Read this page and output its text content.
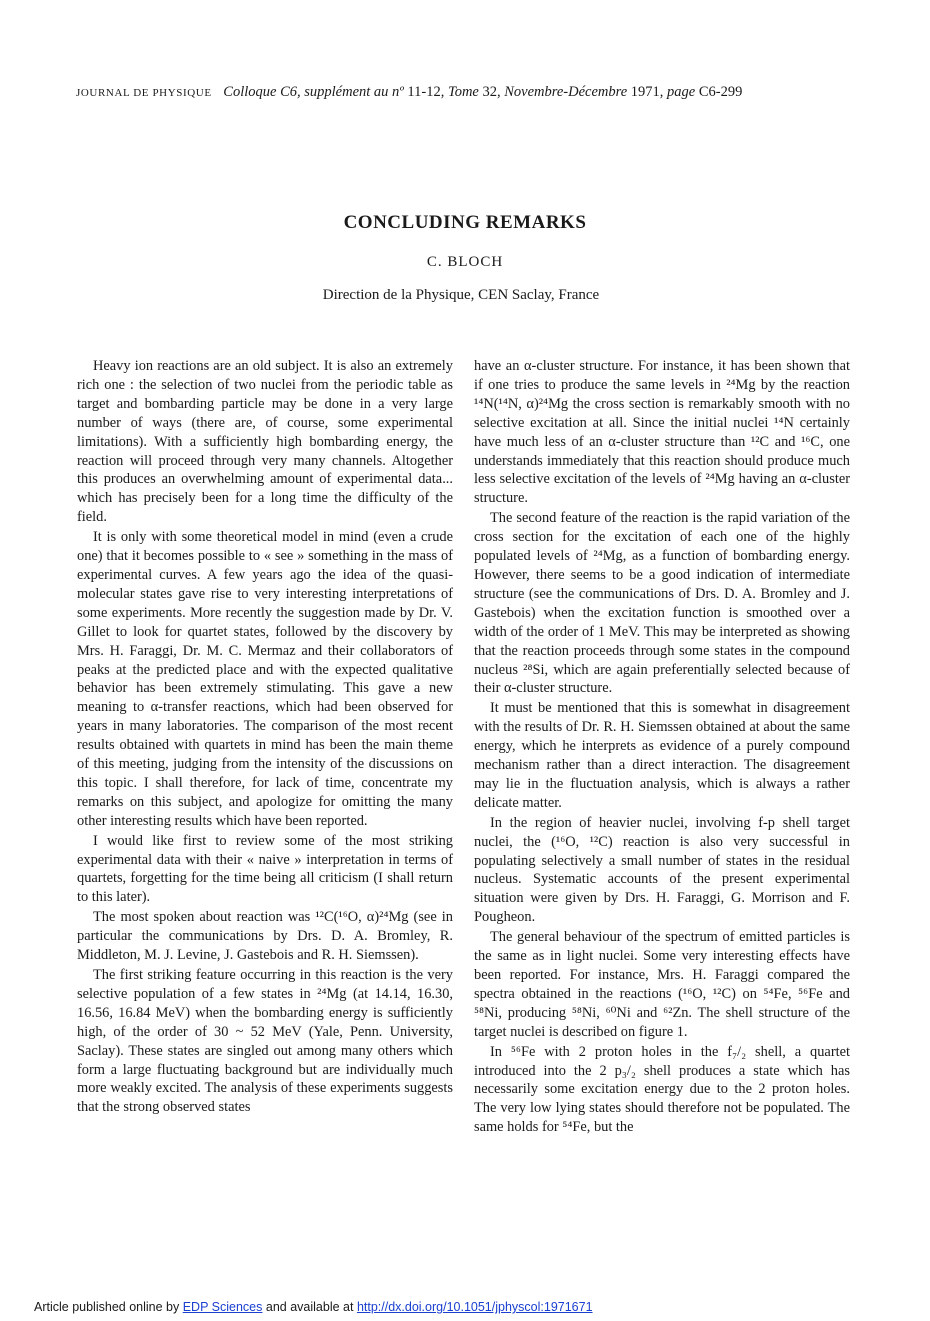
JOURNAL DE PHYSIQUE Colloque C6, supplément au nº 11-12, Tome 32, Novembre-Décembre 1971, page C6-299
CONCLUDING REMARKS
C. BLOCH
Direction de la Physique, CEN Saclay, France

Heavy ion reactions are an old subject. It is also an extremely rich one : the selection of two nuclei from the periodic table as target and bombarding particle may be done in a very large number of ways (there are, of course, some experimental limitations). With a sufficiently high bombarding energy, the reaction will proceed through very many channels. Altogether this produces an overwhelming amount of experimental data... which has precisely been for a long time the difficulty of the field.

It is only with some theoretical model in mind (even a crude one) that it becomes possible to « see » something in the mass of experimental curves. A few years ago the idea of the quasi-molecular states gave rise to very interesting interpretations of some experiments. More recently the suggestion made by Dr. V. Gillet to look for quartet states, followed by the discovery by Mrs. H. Faraggi, Dr. M. C. Mermaz and their collaborators of peaks at the predicted place and with the expected qualitative behavior has been extremely stimulating. This gave a new meaning to α-transfer reactions, which had been observed for years in many laboratories. The comparison of the most recent results obtained with quartets in mind has been the main theme of this meeting, judging from the intensity of the discussions on this topic. I shall therefore, for lack of time, concentrate my remarks on this subject, and apologize for omitting the many other interesting results which have been reported.

I would like first to review some of the most striking experimental data with their « naive » interpretation in terms of quartets, forgetting for the time being all criticism (I shall return to this later).

The most spoken about reaction was ¹²C(¹⁶O, α)²⁴Mg (see in particular the communications by Drs. D. A. Bromley, R. Middleton, M. J. Levine, J. Gastebois and R. H. Siemssen).

The first striking feature occurring in this reaction is the very selective population of a few states in ²⁴Mg (at 14.14, 16.30, 16.56, 16.84 MeV) when the bombarding energy is sufficiently high, of the order of 30 ~ 52 MeV (Yale, Penn. University, Saclay). These states are singled out among many others which form a large fluctuating background but are individually much more weakly excited. The analysis of these experiments suggests that the strong observed states

have an α-cluster structure. For instance, it has been shown that if one tries to produce the same levels in ²⁴Mg by the reaction ¹⁴N(¹⁴N, α)²⁴Mg the cross section is remarkably smooth with no selective excitation at all. Since the initial nuclei ¹⁴N certainly have much less of an α-cluster structure than ¹²C and ¹⁶C, one understands immediately that this reaction should produce much less selective excitation of the levels of ²⁴Mg having an α-cluster structure.

The second feature of the reaction is the rapid variation of the cross section for the excitation of each one of the highly populated levels of ²⁴Mg, as a function of bombarding energy. However, there seems to be a good indication of intermediate structure (see the communications of Drs. D. A. Bromley and J. Gastebois) when the excitation function is smoothed over a width of the order of 1 MeV. This may be interpreted as showing that the reaction proceeds through some states in the compound nucleus ²⁸Si, which are again preferentially selected because of their α-cluster structure.

It must be mentioned that this is somewhat in disagreement with the results of Dr. R. H. Siemssen obtained at about the same energy, which he interprets as evidence of a purely compound mechanism rather than a direct interaction. The disagreement may lie in the fluctuation analysis, which is always a rather delicate matter.

In the region of heavier nuclei, involving f-p shell target nuclei, the (¹⁶O, ¹²C) reaction is also very successful in populating selectively a small number of states in the residual nucleus. Systematic accounts of the present experimental situation were given by Drs. H. Faraggi, G. Morrison and F. Pougheon.

The general behaviour of the spectrum of emitted particles is the same as in light nuclei. Some very interesting effects have been reported. For instance, Mrs. H. Faraggi compared the spectra obtained in the reactions (¹⁶O, ¹²C) on ⁵⁴Fe, ⁵⁶Fe and ⁵⁸Ni, producing ⁵⁸Ni, ⁶⁰Ni and ⁶²Zn. The shell structure of the target nuclei is described on figure 1.

In ⁵⁶Fe with 2 proton holes in the f₇/₂ shell, a quartet introduced into the 2 p₃/₂ shell produces a state which has necessarily some excitation energy due to the 2 proton holes. The very low lying states should therefore not be populated. The same holds for ⁵⁴Fe, but the

Article published online by EDP Sciences and available at http://dx.doi.org/10.1051/jphyscol:1971671
